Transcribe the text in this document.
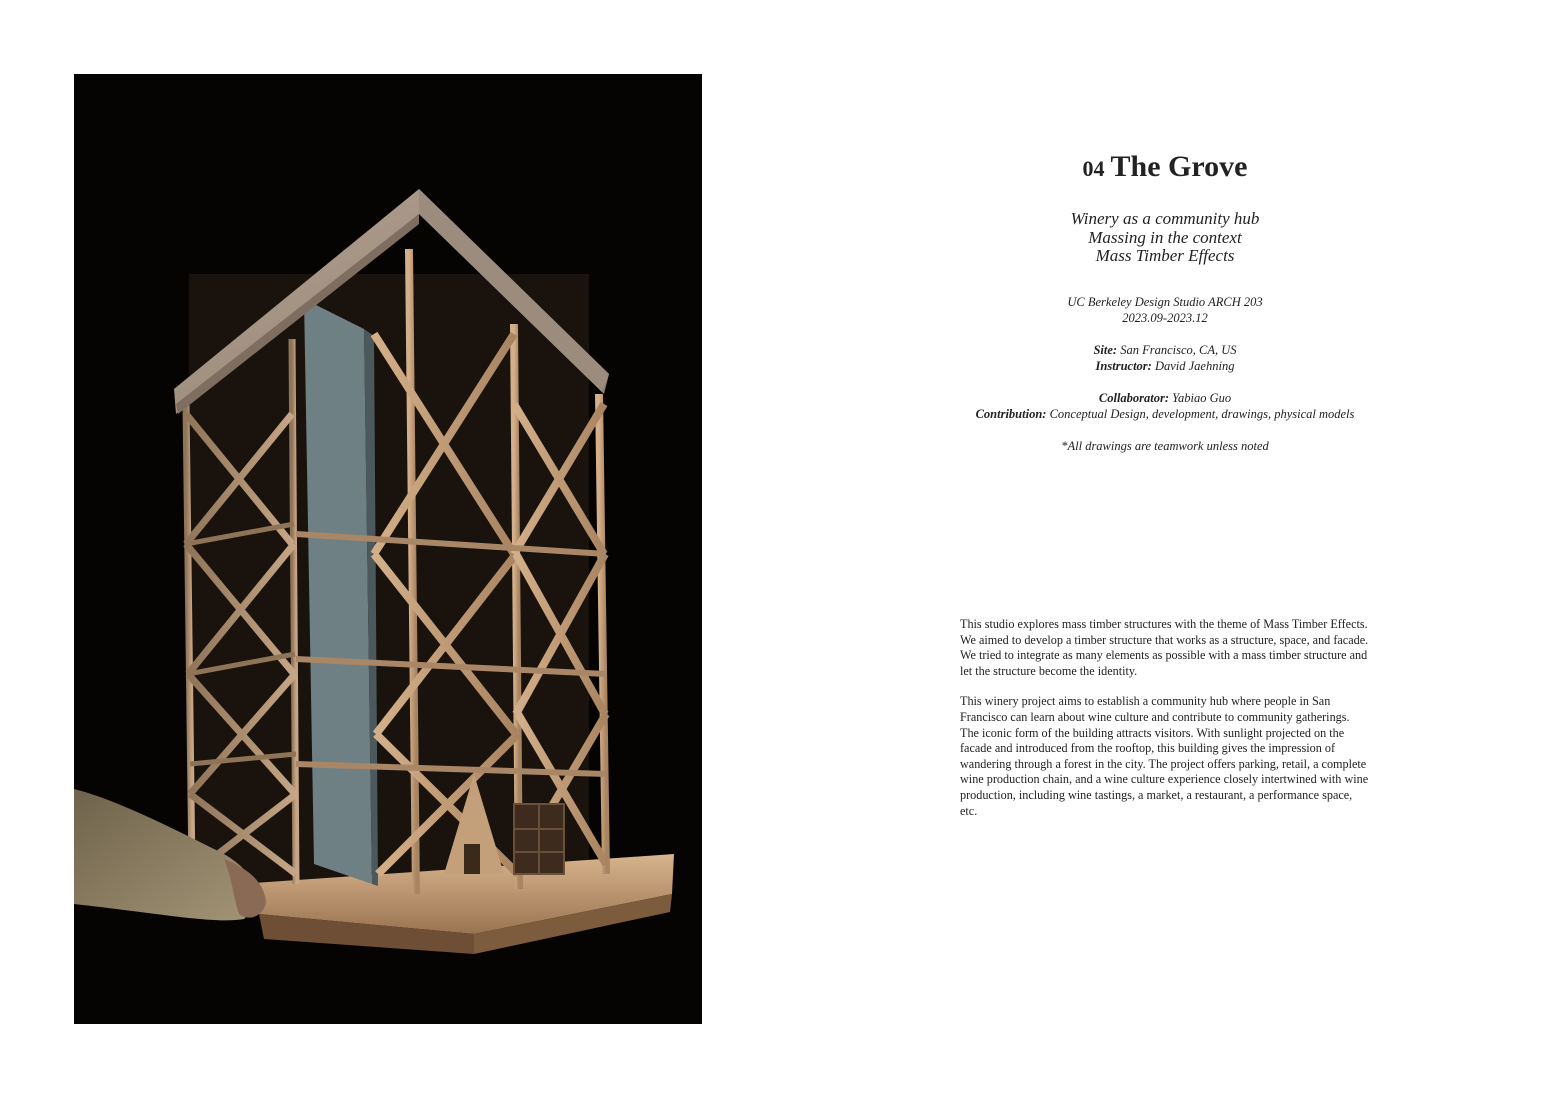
04 The Grove
Winery as a community hub
Massing in the context
Mass Timber Effects
UC Berkeley Design Studio ARCH 203
2023.09-2023.12
Site: San Francisco, CA, US
Instructor: David Jaehning
Collaborator: Yabiao Guo
Contribution: Conceptual Design, development, drawings, physical models
*All drawings are teamwork unless noted

This studio explores mass timber structures with the theme of Mass Timber Effects. We aimed to develop a timber structure that works as a structure, space, and facade. We tried to integrate as many elements as possible with a mass timber structure and let the structure become the identity.

This winery project aims to establish a community hub where people in San Francisco can learn about wine culture and contribute to community gatherings. The iconic form of the building attracts visitors. With sunlight projected on the facade and introduced from the rooftop, this building gives the impression of wandering through a forest in the city. The project offers parking, retail, a complete wine production chain, and a wine culture experience closely intertwined with wine production, including wine tastings, a market, a restaurant, a performance space, etc.
